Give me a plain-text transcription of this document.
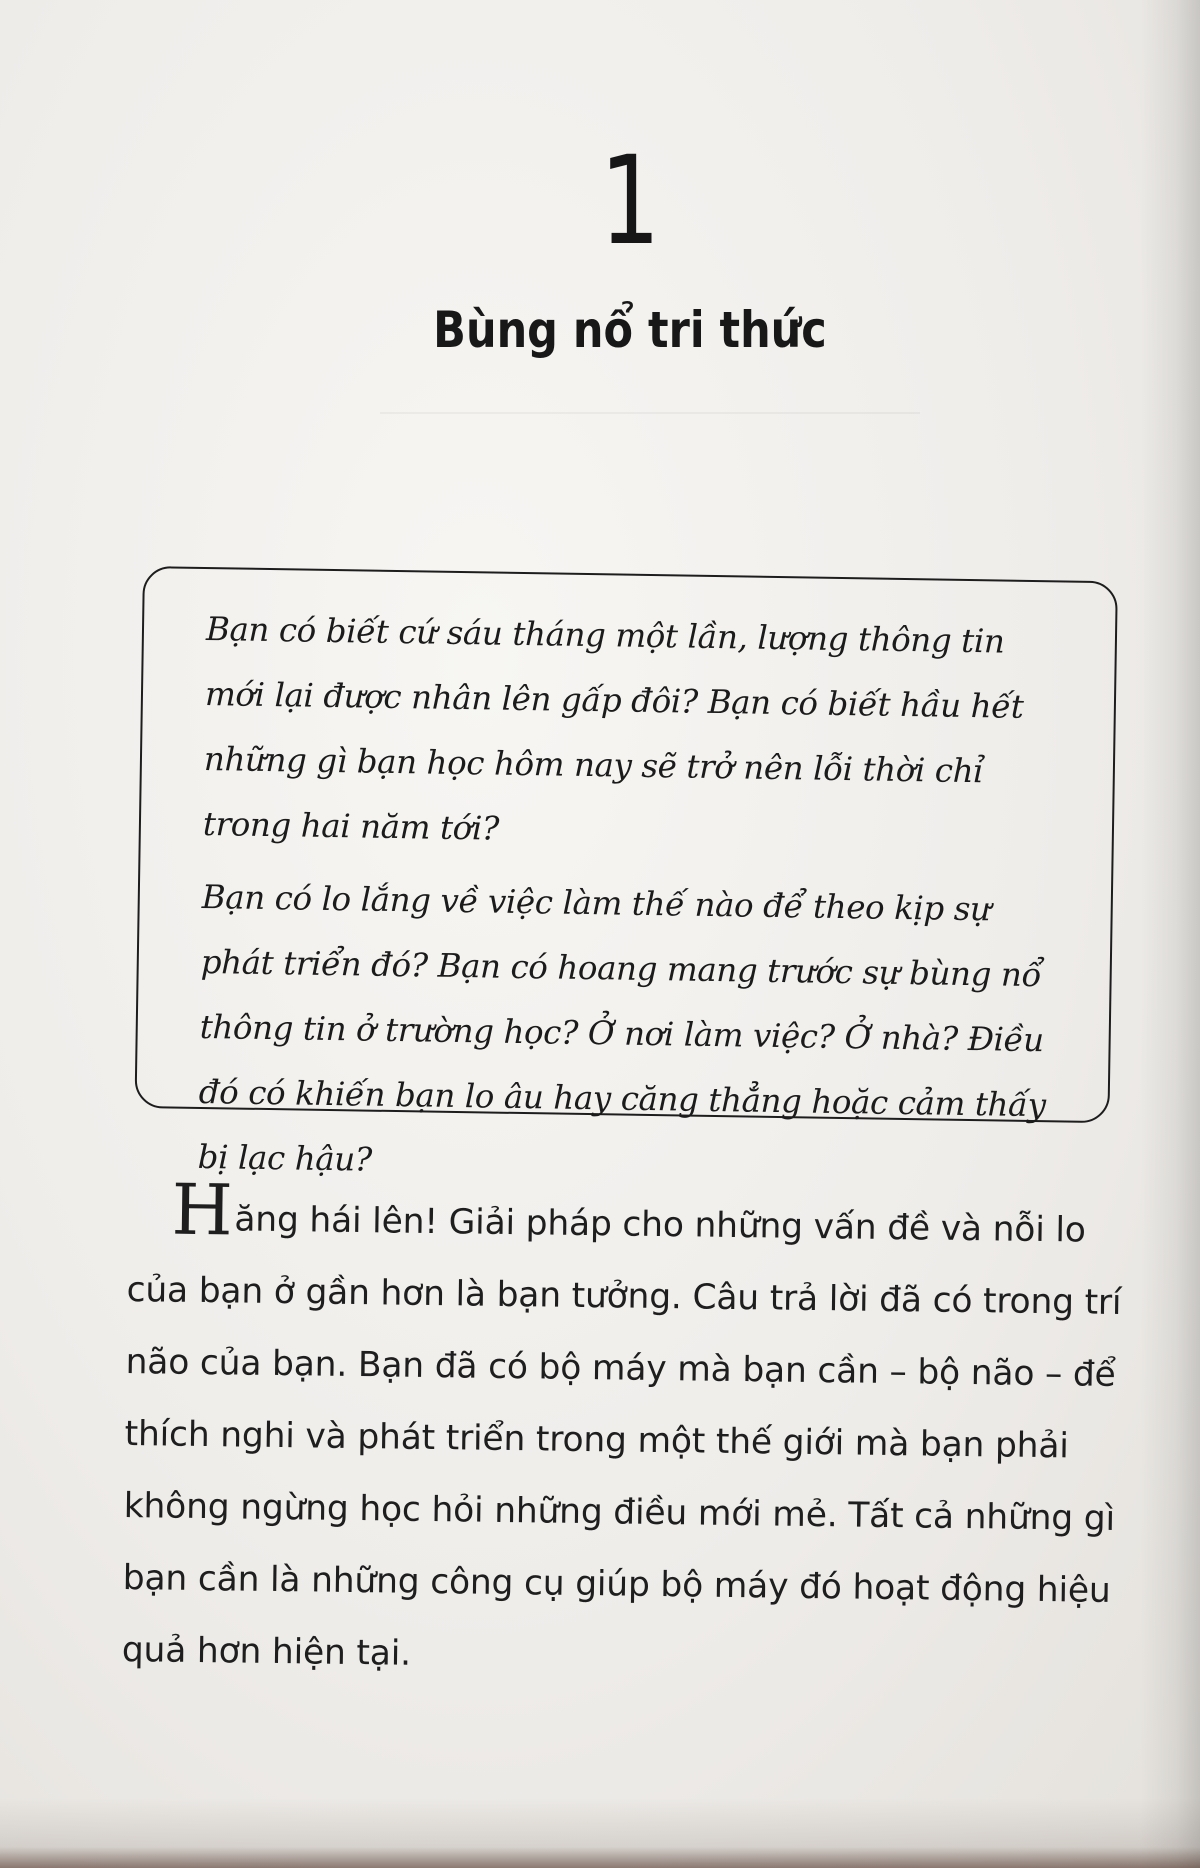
1
Bùng nổ tri thức

Bạn có biết cứ sáu tháng một lần, lượng thông tin mới lại được nhân lên gấp đôi? Bạn có biết hầu hết những gì bạn học hôm nay sẽ trở nên lỗi thời chỉ trong hai năm tới?

Bạn có lo lắng về việc làm thế nào để theo kịp sự phát triển đó? Bạn có hoang mang trước sự bùng nổ thông tin ở trường học? Ở nơi làm việc? Ở nhà? Điều đó có khiến bạn lo âu hay căng thẳng hoặc cảm thấy bị lạc hậu?

Hăng hái lên! Giải pháp cho những vấn đề và nỗi lo của bạn ở gần hơn là bạn tưởng. Câu trả lời đã có trong trí não của bạn. Bạn đã có bộ máy mà bạn cần – bộ não – để thích nghi và phát triển trong một thế giới mà bạn phải không ngừng học hỏi những điều mới mẻ. Tất cả những gì bạn cần là những công cụ giúp bộ máy đó hoạt động hiệu quả hơn hiện tại.
